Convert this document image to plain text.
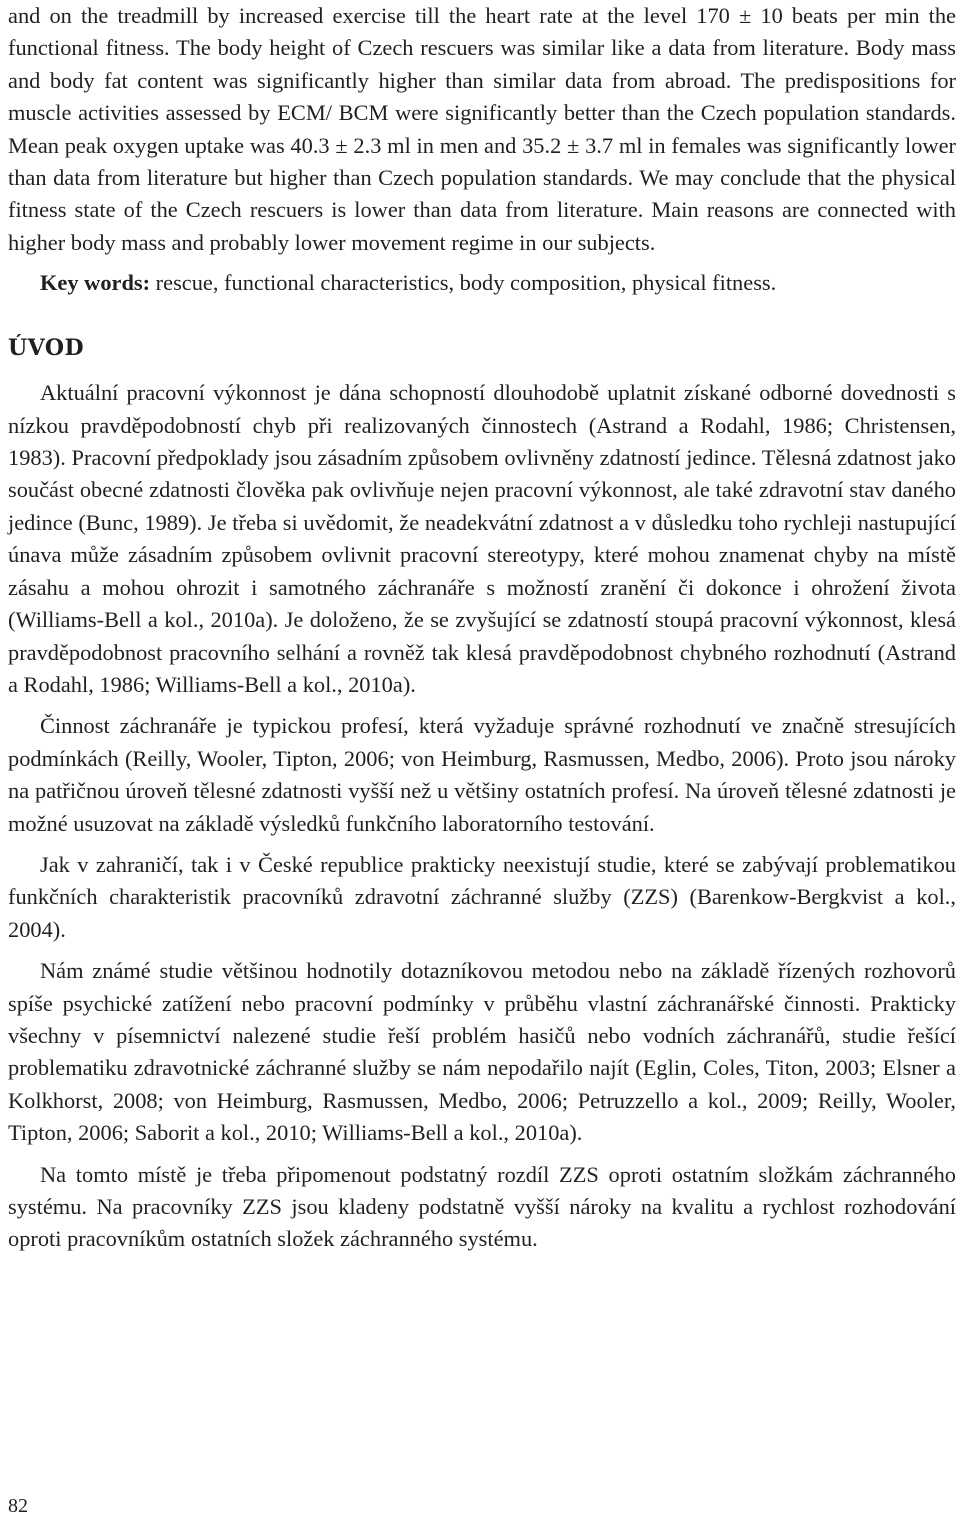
and on the treadmill by increased exercise till the heart rate at the level 170 ± 10 beats per min the functional fitness. The body height of Czech rescuers was similar like a data from literature. Body mass and body fat content was significantly higher than similar data from abroad. The predispositions for muscle activities assessed by ECM/ BCM were significantly better than the Czech population standards. Mean peak oxygen uptake was 40.3 ± 2.3 ml in men and 35.2 ± 3.7 ml in females was significantly lower than data from literature but higher than Czech population standards. We may conclude that the physical fitness state of the Czech rescuers is lower than data from literature. Main reasons are connected with higher body mass and probably lower movement regime in our subjects.

Key words: rescue, functional characteristics, body composition, physical fitness.
ÚVOD

Aktuální pracovní výkonnost je dána schopností dlouhodobě uplatnit získané odborné dovednosti s nízkou pravděpodobností chyb při realizovaných činnostech (Astrand a Rodahl, 1986; Christensen, 1983). Pracovní předpoklady jsou zásadním způsobem ovlivněny zdatností jedince. Tělesná zdatnost jako součást obecné zdatnosti člověka pak ovlivňuje nejen pracovní výkonnost, ale také zdravotní stav daného jedince (Bunc, 1989). Je třeba si uvědomit, že neadekvátní zdatnost a v důsledku toho rychleji nastupující únava může zásadním způsobem ovlivnit pracovní stereotypy, které mohou znamenat chyby na místě zásahu a mohou ohrozit i samotného záchranáře s možností zranění či dokonce i ohrožení života (Williams-Bell a kol., 2010a). Je doloženo, že se zvyšující se zdatností stoupá pracovní výkonnost, klesá pravděpodobnost pracovního selhání a rovněž tak klesá pravděpodobnost chybného rozhodnutí (Astrand a Rodahl, 1986; Williams-Bell a kol., 2010a).

Činnost záchranáře je typickou profesí, která vyžaduje správné rozhodnutí ve značně stresujících podmínkách (Reilly, Wooler, Tipton, 2006; von Heimburg, Rasmussen, Medbo, 2006). Proto jsou nároky na patřičnou úroveň tělesné zdatnosti vyšší než u většiny ostatních profesí. Na úroveň tělesné zdatnosti je možné usuzovat na základě výsledků funkčního laboratorního testování.

Jak v zahraničí, tak i v České republice prakticky neexistují studie, které se zabývají problematikou funkčních charakteristik pracovníků zdravotní záchranné služby (ZZS) (Barenkow-Bergkvist a kol., 2004).

Nám známé studie většinou hodnotily dotazníkovou metodou nebo na základě řízených rozhovorů spíše psychické zatížení nebo pracovní podmínky v průběhu vlastní záchranářské činnosti. Prakticky všechny v písemnictví nalezené studie řeší problém hasičů nebo vodních záchranářů, studie řešící problematiku zdravotnické záchranné služby se nám nepodařilo najít (Eglin, Coles, Titon, 2003; Elsner a Kolkhorst, 2008; von Heimburg, Rasmussen, Medbo, 2006; Petruzzello a kol., 2009; Reilly, Wooler, Tipton, 2006; Saborit a kol., 2010; Williams-Bell a kol., 2010a).

Na tomto místě je třeba připomenout podstatný rozdíl ZZS oproti ostatním složkám záchranného systému. Na pracovníky ZZS jsou kladeny podstatně vyšší nároky na kvalitu a rychlost rozhodování oproti pracovníkům ostatních složek záchranného systému.

82
